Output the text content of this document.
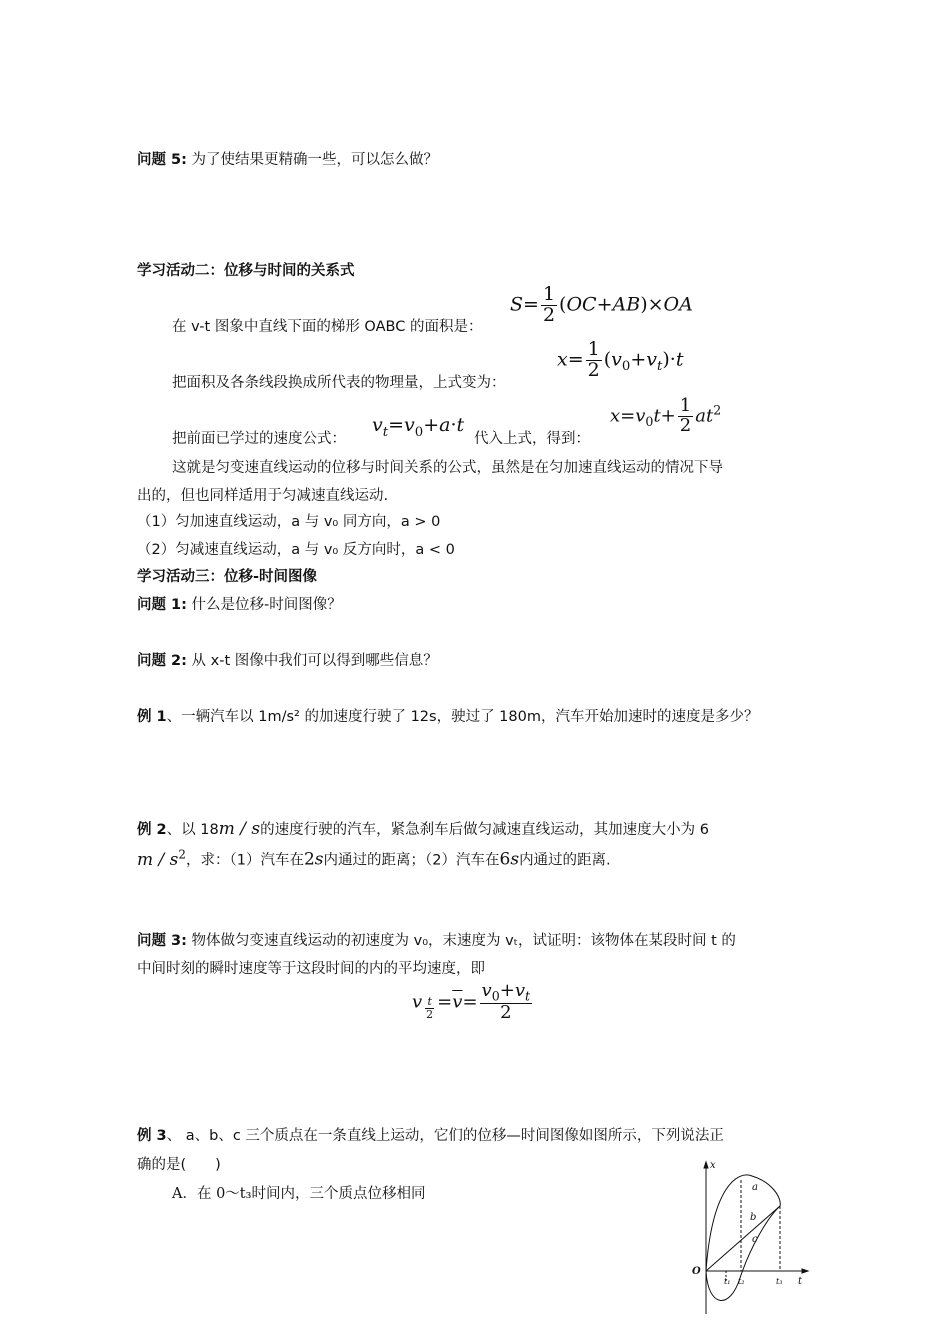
问题 5: 为了使结果更精确一些，可以怎么做？
学习活动二：位移与时间的关系式
在 v-t 图象中直线下面的梯形 OABC 的面积是：
$S= \frac{1}{2} (OC+AB)\times OA$
把面积及各条线段换成所代表的物理量，上式变为：
$x= \frac{1}{2} (v_0+v_t)\cdot t$
把前面已学过的速度公式：
$v_t=v_0+a\cdot t$
代入上式，得到：
$x=v_0t+ \frac{1}{2} at^2$
这就是匀变速直线运动的位移与时间关系的公式，虽然是在匀加速直线运动的情况下导
出的，但也同样适用于匀减速直线运动.
（1）匀加速直线运动，a 与 v₀ 同方向，a > 0
（2）匀减速直线运动，a 与 v₀ 反方向时，a < 0
学习活动三：位移-时间图像
问题 1: 什么是位移-时间图像？
问题 2: 从 x-t 图像中我们可以得到哪些信息？
例 1、一辆汽车以 1m/s² 的加速度行驶了 12s，驶过了 180m，汽车开始加速时的速度是多少？
例 2、以 18m / s的速度行驶的汽车，紧急刹车后做匀减速直线运动，其加速度大小为 6
m / $s^2$，求：（1）汽车在2s内通过的距离；（2）汽车在6s内通过的距离.
问题 3: 物体做匀变速直线运动的初速度为 v₀，末速度为 vₜ，试证明：该物体在某段时间 t 的
中间时刻的瞬时速度等于这段时间的内的平均速度，即
v $_{\frac{t}{2}} =\overline{v}= \frac{v_0+v_t}{2}$
例 3、 a、b、c 三个质点在一条直线上运动，它们的位移—时间图像如图所示，下列说法正
确的是(　　)
A．在 0～t₃时间内，三个质点位移相同
x
t
O
a
b
c
t₁ t₂	t₃
